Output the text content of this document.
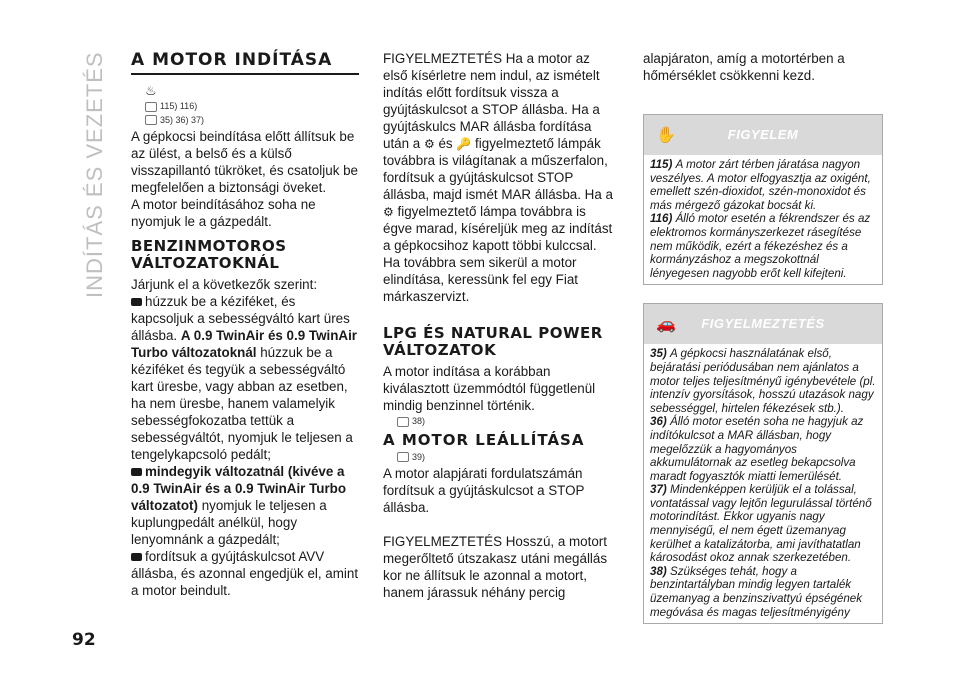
INDÍTÁS ÉS VEZETÉS A MOTOR INDÍTÁSA
♨
115) 116)
35) 36) 37)

A gépkocsi beindítása előtt állítsuk be az ülést, a belső és a külső visszapillantó tükröket, és csatoljuk be megfelelően a biztonsági öveket.

A motor beindításához soha ne nyomjuk le a gázpedált.

BENZINMOTOROS VÁLTOZATOKNÁL

Járjunk el a következők szerint:

húzzuk be a kéziféket, és kapcsoljuk a sebességváltó kart üres állásba. A 0.9 TwinAir és 0.9 TwinAir Turbo változatoknál húzzuk be a kéziféket és tegyük a sebességváltó kart üresbe, vagy abban az esetben, ha nem üresbe, hanem valamelyik sebességfokozatba tettük a sebességváltót, nyomjuk le teljesen a tengelykapcsoló pedált;

mindegyik változatnál (kivéve a 0.9 TwinAir és a 0.9 TwinAir Turbo változatot) nyomjuk le teljesen a kuplungpedált anélkül, hogy lenyomnánk a gázpedált;

fordítsuk a gyújtáskulcsot AVV állásba, és azonnal engedjük el, amint a motor beindult.

FIGYELMEZTETÉS Ha a motor az első kísérletre nem indul, az ismételt indítás előtt fordítsuk vissza a gyújtáskulcsot a STOP állásba. Ha a gyújtáskulcs MAR állásba fordítása után a ⚙ és 🔑 figyelmeztető lámpák továbbra is világítanak a műszerfalon, fordítsuk a gyújtáskulcsot STOP állásba, majd ismét MAR állásba. Ha a ⚙ figyelmeztető lámpa továbbra is égve marad, kíséreljük meg az indítást a gépkocsihoz kapott többi kulccsal. Ha továbbra sem sikerül a motor elindítása, keressünk fel egy Fiat márkaszervizt.

LPG ÉS NATURAL POWER VÁLTOZATOK

A motor indítása a korábban kiválasztott üzemmódtól függetlenül mindig benzinnel történik.

38)
A MOTOR LEÁLLÍTÁSA
39)

A motor alapjárati fordulatszámán fordítsuk a gyújtáskulcsot a STOP állásba.

FIGYELMEZTETÉS Hosszú, a motort megerőltető útszakasz utáni megállás​kor ne állítsuk le azonnal a motort, hanem járassuk néhány percig

alapjáraton, amíg a motortérben a hőmérséklet csökkenni kezd.

✋	FIGYELEM

115) A motor zárt térben járatása nagyon veszélyes. A motor elfogyasztja az oxigént, emellett szén-dioxidot, szén-monoxidot és más mérgező gázokat bocsát ki.

116) Álló motor esetén a fékrendszer és az elektromos kormányszerkezet rásegítése nem működik, ezért a fékezéshez és a kormányzáshoz a megszokottnál lényegesen nagyobb erőt kell kifejteni.

🚗	FIGYELMEZTETÉS

35) A gépkocsi használatának első, bejáratási periódusában nem ajánlatos a motor teljes teljesítményű igénybevétele (pl. intenzív gyorsítások, hosszú utazások nagy sebességgel, hirtelen fékezések stb.).

36) Álló motor esetén soha ne hagyjuk az indítókulcsot a MAR állásban, hogy megelőzzük a hagyományos akkumulátornak az esetleg bekapcsolva maradt fogyasztók miatti lemerülését.

37) Mindenképpen kerüljük el a tolással, vontatással vagy lejtőn legurulással történő motorindítást. Ekkor ugyanis nagy mennyiségű, el nem égett üzemanyag kerülhet a katalizátorba, ami javíthatatlan károsodást okoz annak szerkezetében.

38) Szükséges tehát, hogy a benzintartályban mindig legyen tartalék üzemanyag a benzinszivattyú épségének megóvása és magas teljesítményigény

92
